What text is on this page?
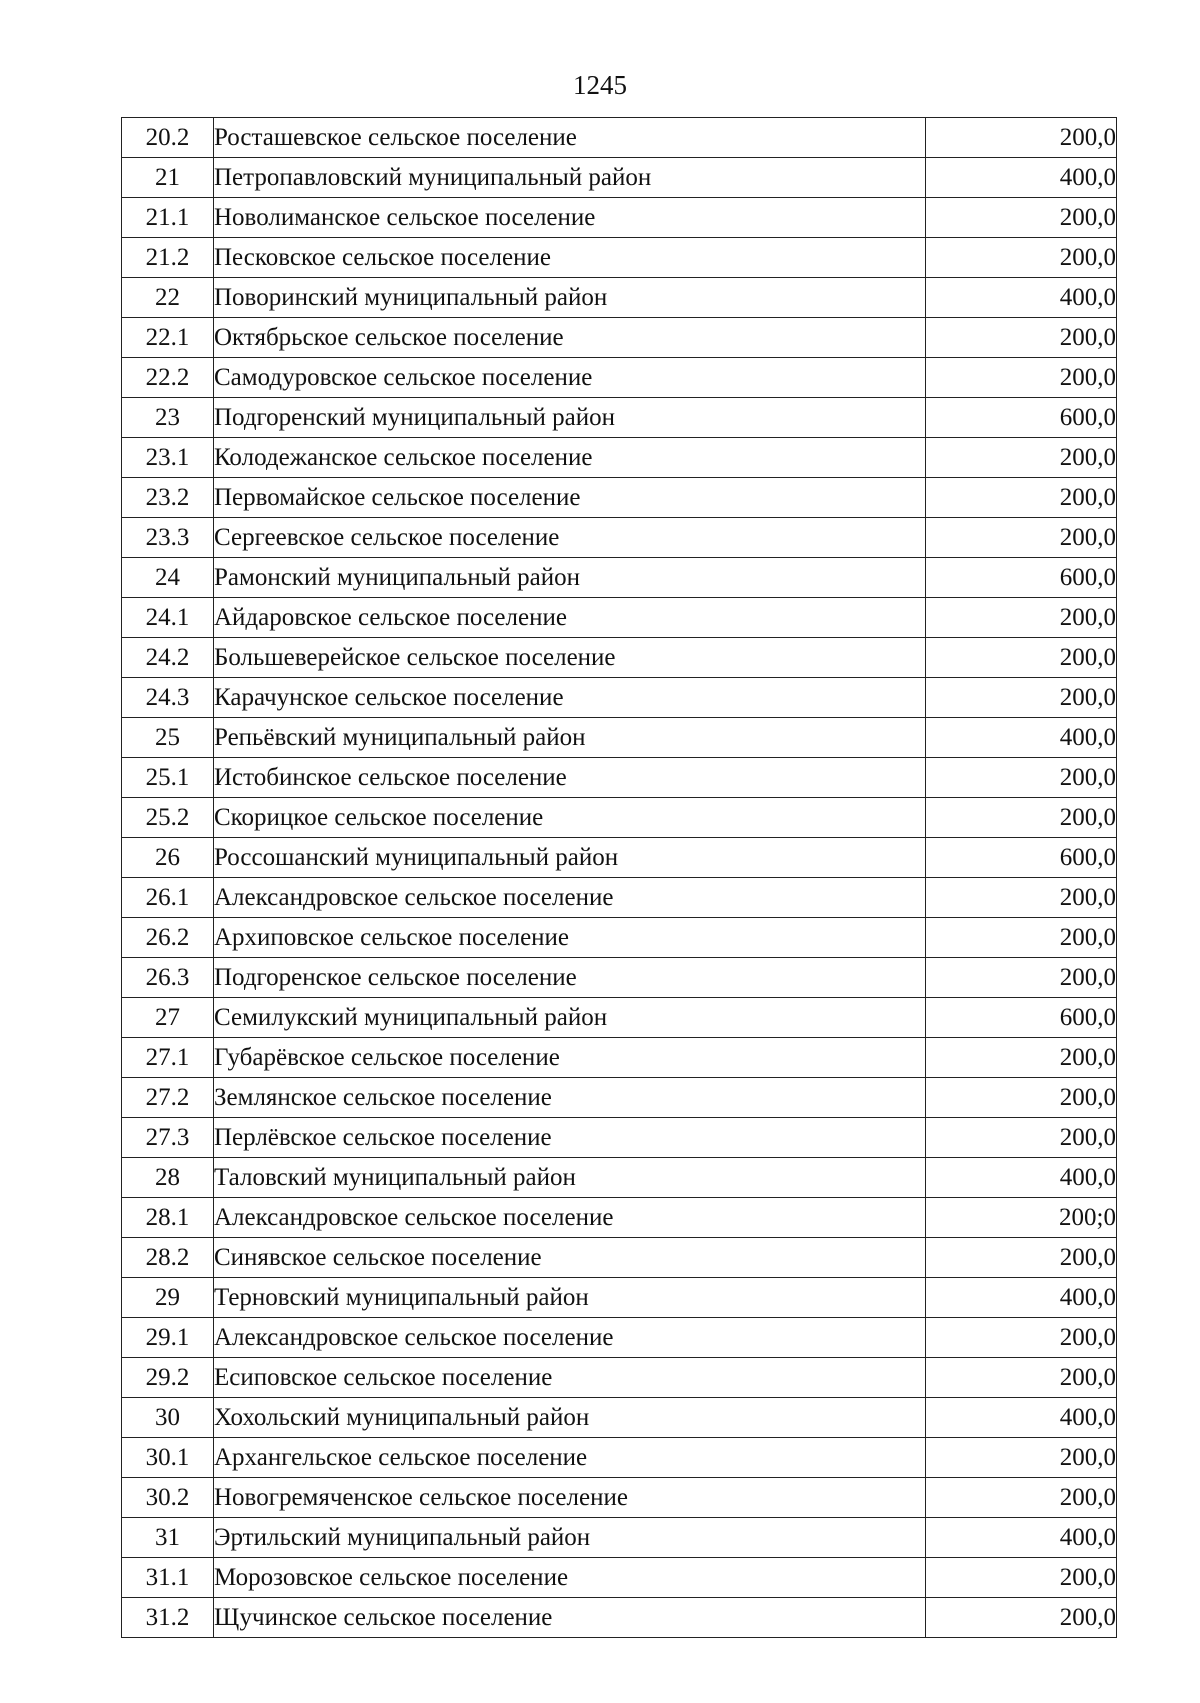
1245
20.2	Росташевское сельское поселение	200,0
21	Петропавловский муниципальный район	400,0
21.1	Новолиманское сельское поселение	200,0
21.2	Песковское сельское поселение	200,0
22	Поворинский муниципальный район	400,0
22.1	Октябрьское сельское поселение	200,0
22.2	Самодуровское сельское поселение	200,0
23	Подгоренский муниципальный район	600,0
23.1	Колодежанское сельское поселение	200,0
23.2	Первомайское сельское поселение	200,0
23.3	Сергеевское сельское поселение	200,0
24	Рамонский муниципальный район	600,0
24.1	Айдаровское сельское поселение	200,0
24.2	Большеверейское сельское поселение	200,0
24.3	Карачунское сельское поселение	200,0
25	Репьёвский муниципальный район	400,0
25.1	Истобинское сельское поселение	200,0
25.2	Скорицкое сельское поселение	200,0
26	Россошанский муниципальный район	600,0
26.1	Александровское сельское поселение	200,0
26.2	Архиповское сельское поселение	200,0
26.3	Подгоренское сельское поселение	200,0
27	Семилукский муниципальный район	600,0
27.1	Губарёвское сельское поселение	200,0
27.2	Землянское сельское поселение	200,0
27.3	Перлёвское сельское поселение	200,0
28	Таловский муниципальный район	400,0
28.1	Александровское сельское поселение	200;0
28.2	Синявское сельское поселение	200,0
29	Терновский муниципальный район	400,0
29.1	Александровское сельское поселение	200,0
29.2	Есиповское сельское поселение	200,0
30	Хохольский муниципальный район	400,0
30.1	Архангельское сельское поселение	200,0
30.2	Новогремяченское сельское поселение	200,0
31	Эртильский муниципальный район	400,0
31.1	Морозовское сельское поселение	200,0
31.2	Щучинское сельское поселение	200,0
